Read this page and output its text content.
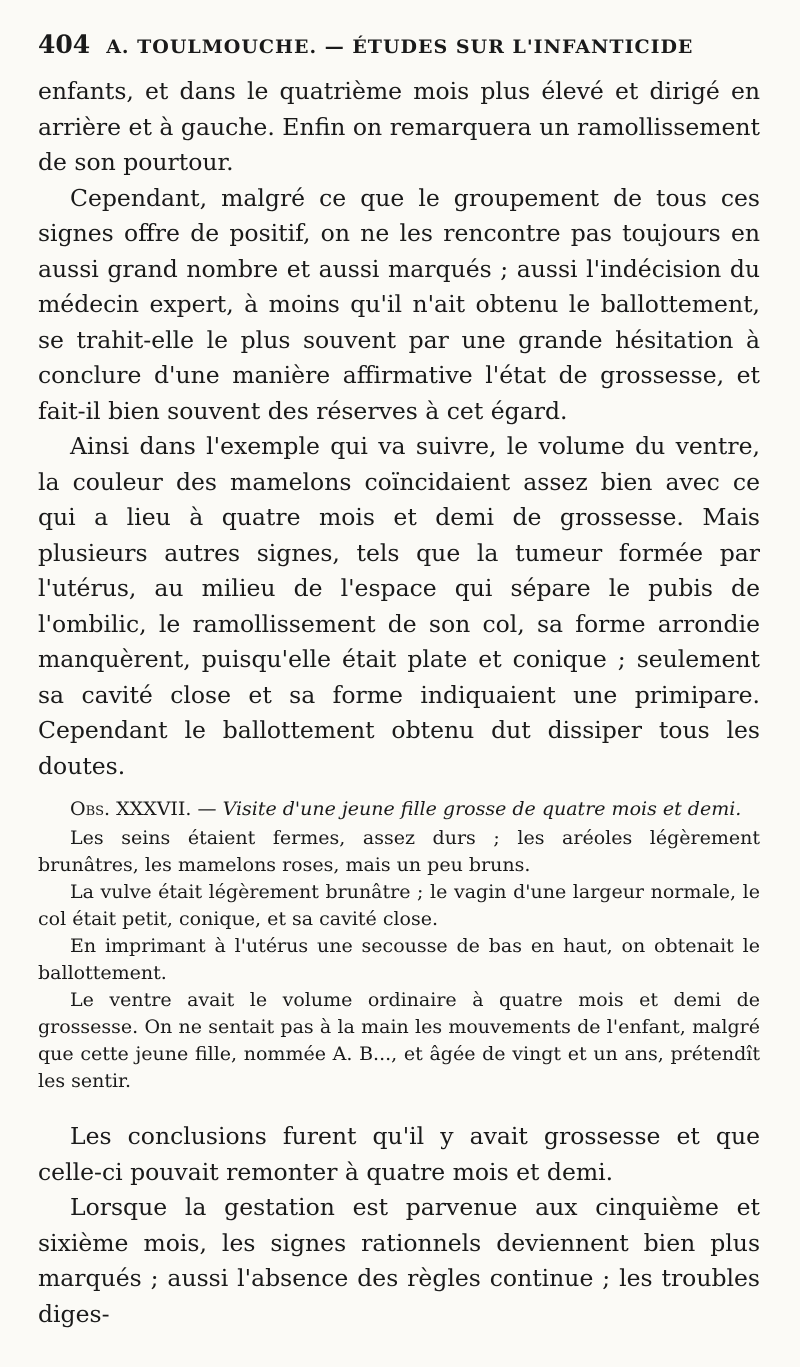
404 A. TOULMOUCHE. — ÉTUDES SUR L'INFANTICIDE

enfants, et dans le quatrième mois plus élevé et dirigé en arrière et à gauche. Enfin on remarquera un ramollissement de son pourtour.

Cependant, malgré ce que le groupement de tous ces signes offre de positif, on ne les rencontre pas toujours en aussi grand nombre et aussi marqués ; aussi l'indécision du médecin expert, à moins qu'il n'ait obtenu le ballottement, se trahit-elle le plus souvent par une grande hésitation à conclure d'une manière affirmative l'état de grossesse, et fait-il bien souvent des réserves à cet égard.

Ainsi dans l'exemple qui va suivre, le volume du ventre, la couleur des mamelons coïncidaient assez bien avec ce qui a lieu à quatre mois et demi de grossesse. Mais plusieurs autres signes, tels que la tumeur formée par l'utérus, au milieu de l'espace qui sépare le pubis de l'ombilic, le ramollissement de son col, sa forme arrondie manquèrent, puisqu'elle était plate et conique ; seulement sa cavité close et sa forme indiquaient une primipare. Cependant le ballottement obtenu dut dissiper tous les doutes.

Obs. XXXVII. — Visite d'une jeune fille grosse de quatre mois et demi.

Les seins étaient fermes, assez durs ; les aréoles légèrement brunâtres, les mamelons roses, mais un peu bruns.

La vulve était légèrement brunâtre ; le vagin d'une largeur normale, le col était petit, conique, et sa cavité close.

En imprimant à l'utérus une secousse de bas en haut, on obtenait le ballottement.

Le ventre avait le volume ordinaire à quatre mois et demi de grossesse. On ne sentait pas à la main les mouvements de l'enfant, malgré que cette jeune fille, nommée A. B..., et âgée de vingt et un ans, prétendît les sentir.

Les conclusions furent qu'il y avait grossesse et que celle-ci pouvait remonter à quatre mois et demi.

Lorsque la gestation est parvenue aux cinquième et sixième mois, les signes rationnels deviennent bien plus marqués ; aussi l'absence des règles continue ; les troubles diges-
